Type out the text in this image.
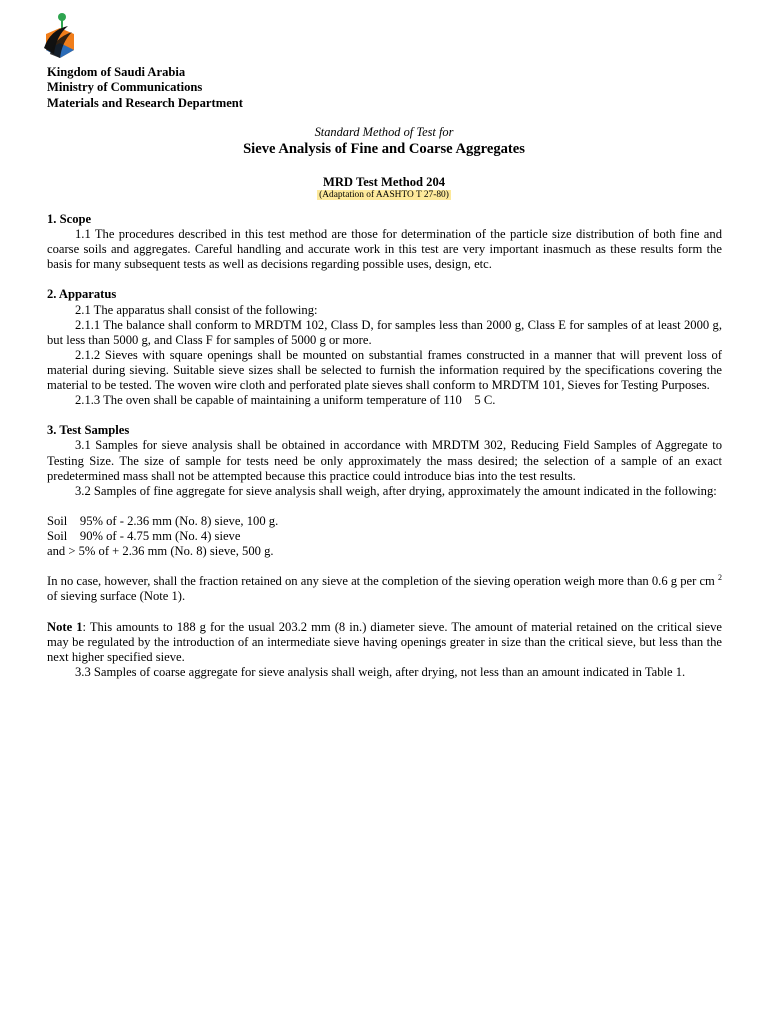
Kingdom of Saudi Arabia
Ministry of Communications
Materials and Research Department
Standard Method of Test for
Sieve Analysis of Fine and Coarse Aggregates
MRD Test Method 204
(Adaptation of AASHTO T 27-80)

1. Scope

1.1 The procedures described in this test method are those for determination of the particle size distribution of both fine and coarse soils and aggregates. Careful handling and accurate work in this test are very important inasmuch as these results form the basis for many subsequent tests as well as decisions regarding possible uses, design, etc.

2. Apparatus

2.1 The apparatus shall consist of the following:

2.1.1 The balance shall conform to MRDTM 102, Class D, for samples less than 2000 g, Class E for samples of at least 2000 g, but less than 5000 g, and Class F for samples of 5000 g or more.

2.1.2 Sieves with square openings shall be mounted on substantial frames constructed in a manner that will prevent loss of material during sieving. Suitable sieve sizes shall be selected to furnish the information required by the specifications covering the material to be tested. The woven wire cloth and perforated plate sieves shall conform to MRDTM 101, Sieves for Testing Purposes.

2.1.3 The oven shall be capable of maintaining a uniform temperature of 110    5 C.

3. Test Samples

3.1 Samples for sieve analysis shall be obtained in accordance with MRDTM 302, Reducing Field Samples of Aggregate to Testing Size. The size of sample for tests need be only approximately the mass desired; the selection of a sample of an exact predetermined mass shall not be attempted because this practice could introduce bias into the test results.

3.2 Samples of fine aggregate for sieve analysis shall weigh, after drying, approximately the amount indicated in the following:

Soil    95% of - 2.36 mm (No. 8) sieve, 100 g.
Soil    90% of - 4.75 mm (No. 4) sieve
and > 5% of + 2.36 mm (No. 8) sieve, 500 g.

In no case, however, shall the fraction retained on any sieve at the completion of the sieving operation weigh more than 0.6 g per cm $^2$ of sieving surface (Note 1).

Note 1: This amounts to 188 g for the usual 203.2 mm (8 in.) diameter sieve. The amount of material retained on the critical sieve may be regulated by the introduction of an intermediate sieve having openings greater in size than the critical sieve, but less than the next higher specified sieve.

3.3 Samples of coarse aggregate for sieve analysis shall weigh, after drying, not less than an amount indicated in Table 1.
